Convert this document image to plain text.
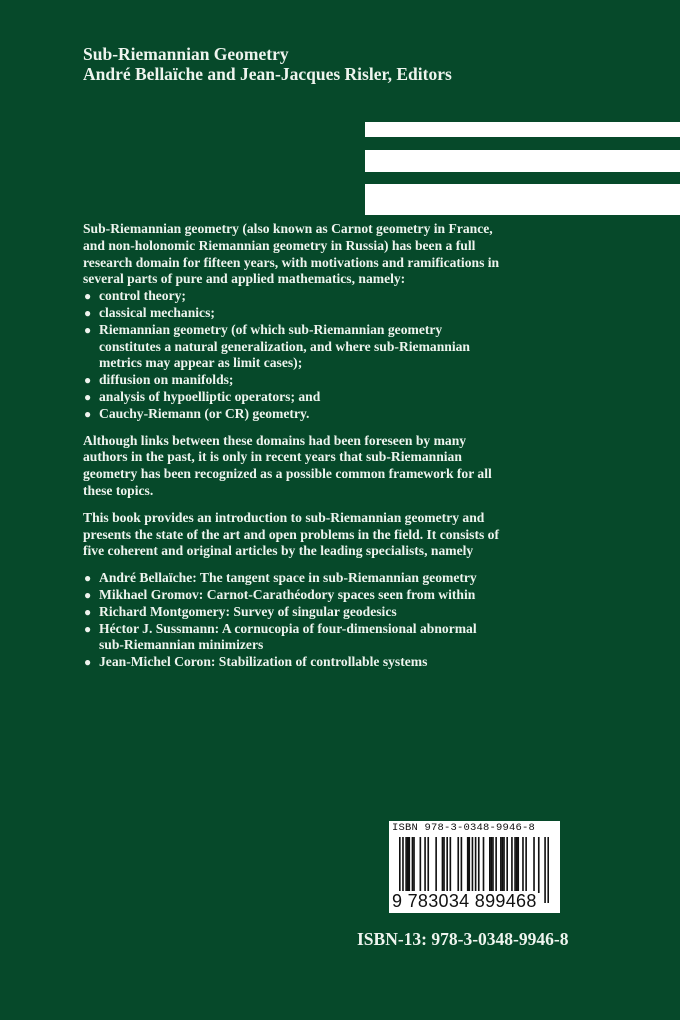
Sub-Riemannian Geometry
André Bellaïche and Jean-Jacques Risler, Editors
Sub-Riemannian geometry (also known as Carnot geometry in France,
and non-holonomic Riemannian geometry in Russia) has been a full
research domain for fifteen years, with motivations and ramifications in
several parts of pure and applied mathematics, namely:
● control theory;
● classical mechanics;
● Riemannian geometry (of which sub-Riemannian geometry
constitutes a natural generalization, and where sub-Riemannian
metrics may appear as limit cases);
● diffusion on manifolds;
● analysis of hypoelliptic operators; and
● Cauchy-Riemann (or CR) geometry.
Although links between these domains had been foreseen by many
authors in the past, it is only in recent years that sub-Riemannian
geometry has been recognized as a possible common framework for all
these topics.
This book provides an introduction to sub-Riemannian geometry and
presents the state of the art and open problems in the field. It consists of
five coherent and original articles by the leading specialists, namely
● André Bellaïche: The tangent space in sub-Riemannian geometry
● Mikhael Gromov: Carnot-Carathéodory spaces seen from within
● Richard Montgomery: Survey of singular geodesics
● Héctor J. Sussmann: A cornucopia of four-dimensional abnormal
sub-Riemannian minimizers
● Jean-Michel Coron: Stabilization of controllable systems
ISBN 978-3-0348-9946-8
9 783034 899468
ISBN-13: 978-3-0348-9946-8
